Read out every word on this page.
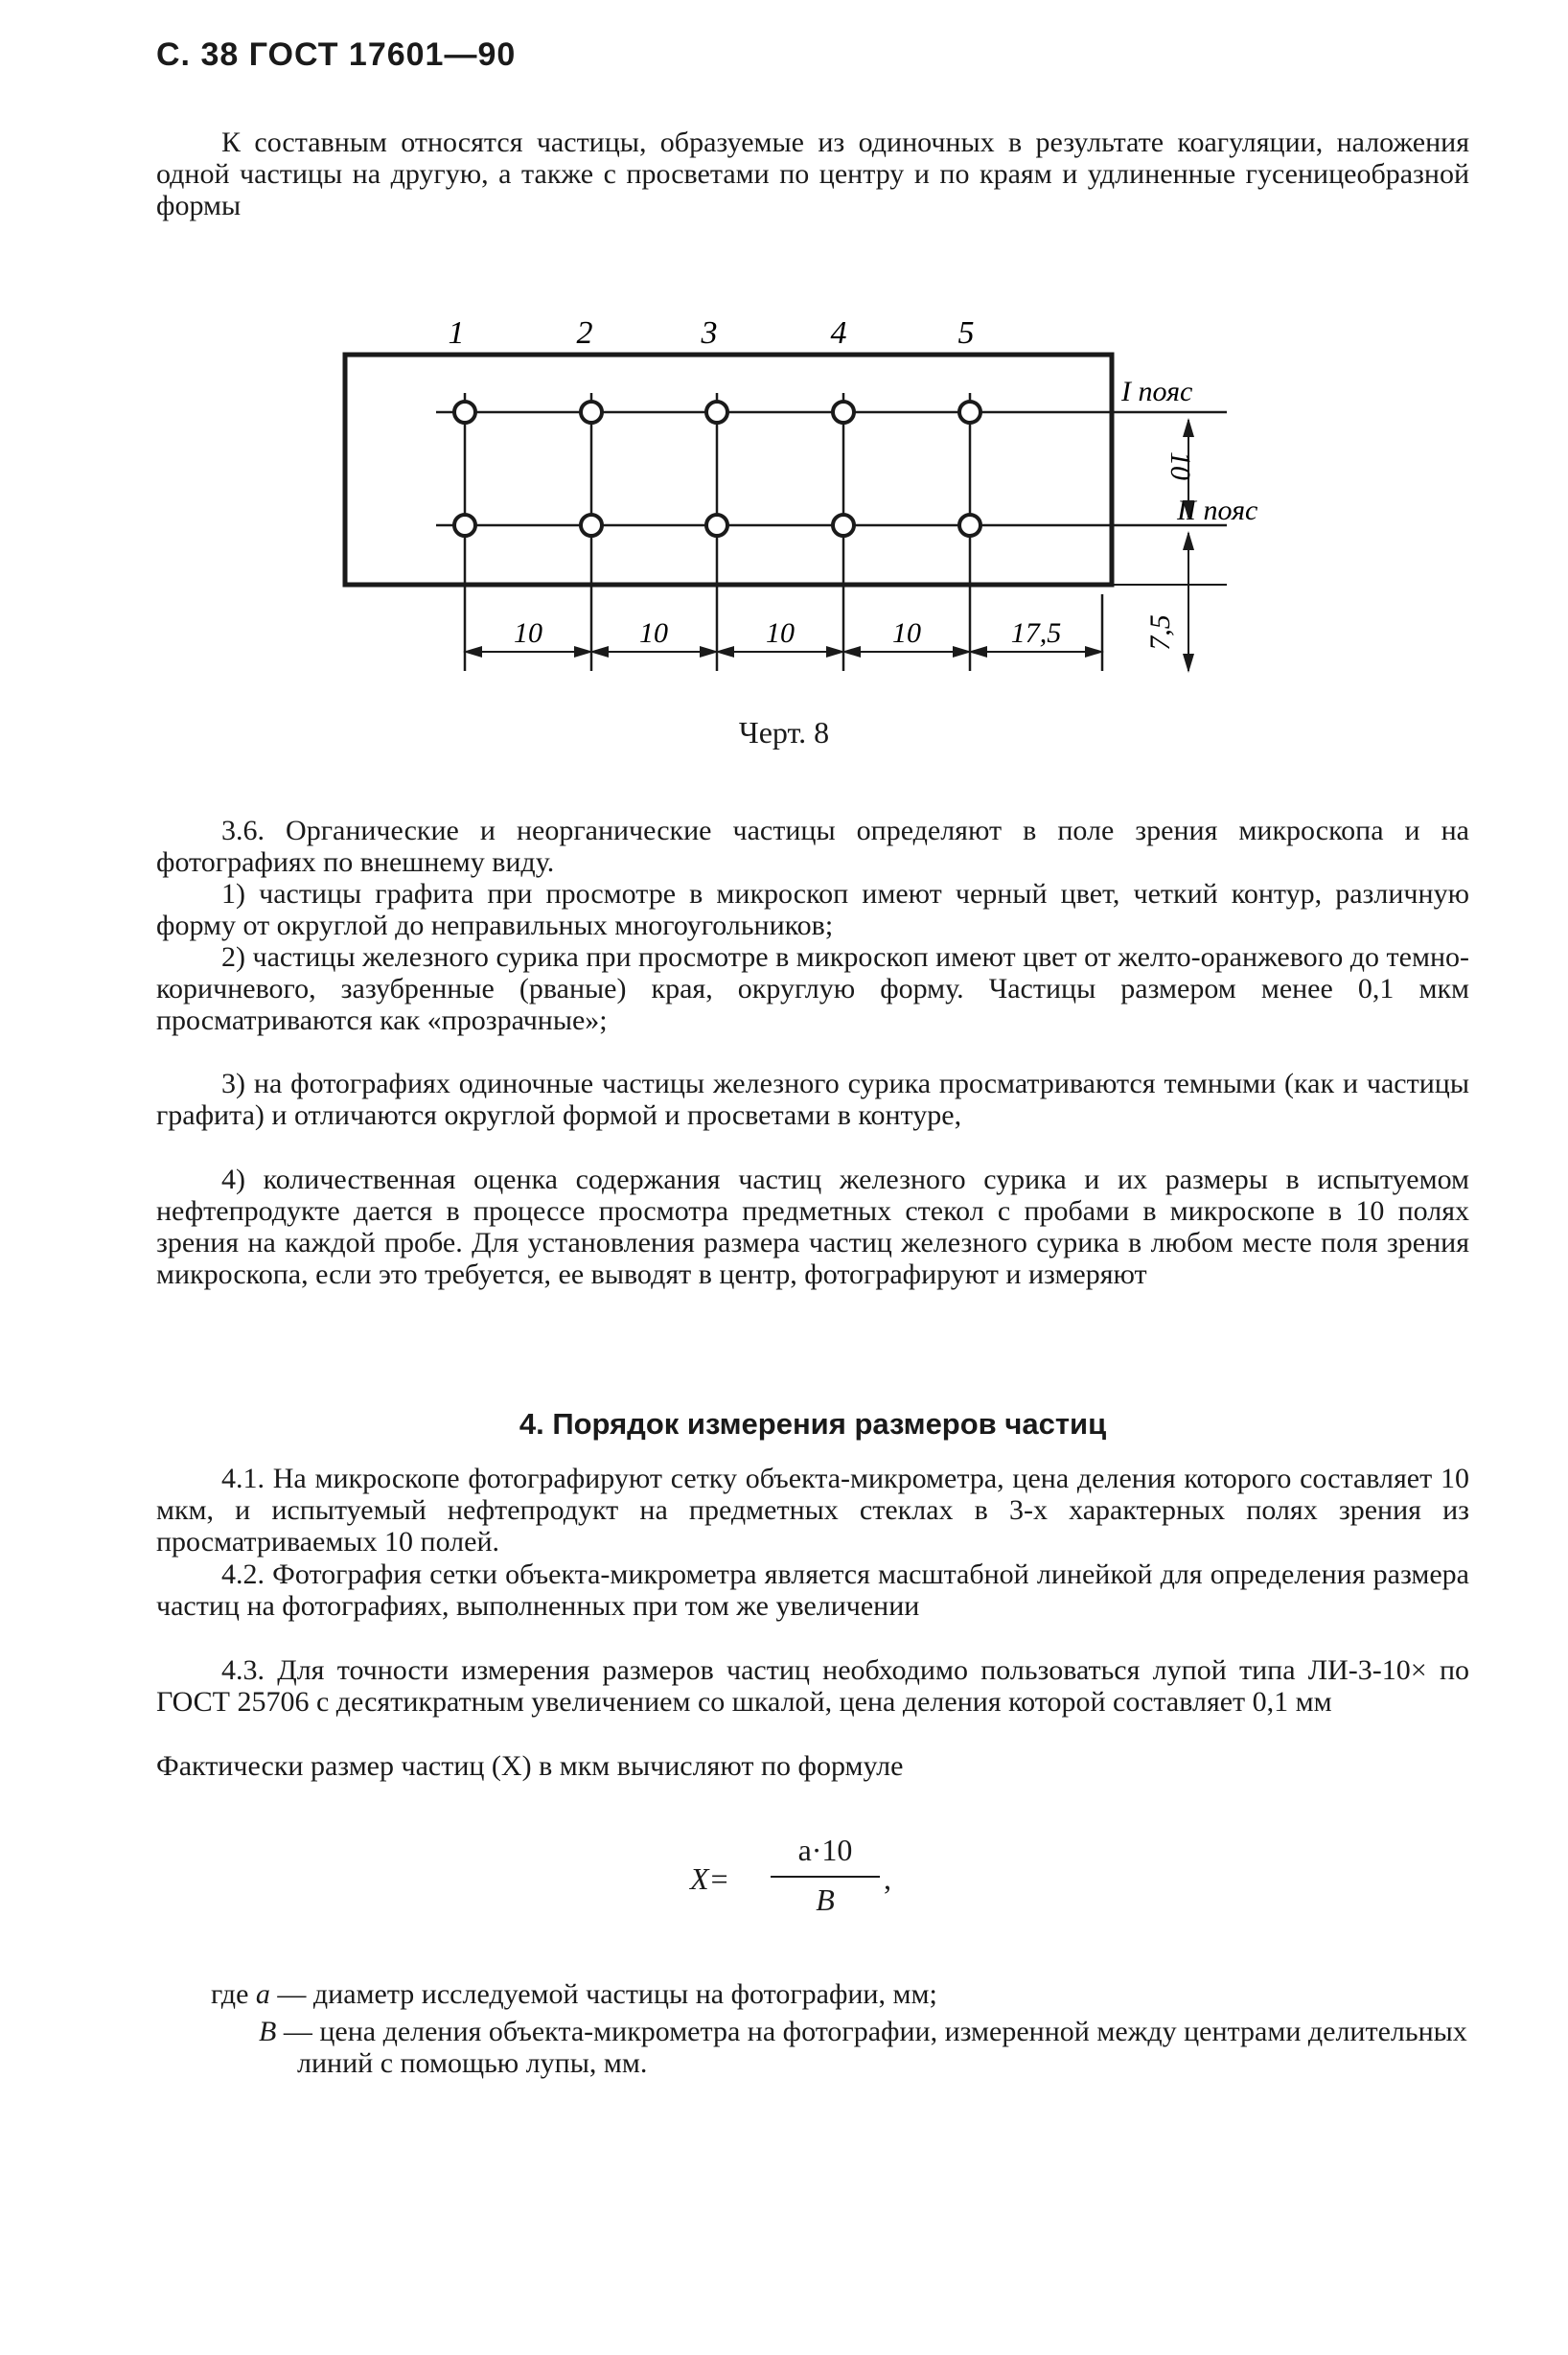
С. 38 ГОСТ 17601—90

К составным относятся частицы, образуемые из одиночных в результате коагуляции, наложения одной частицы на другую, а также с просветами по центру и по краям и удлиненные гусеницеобразной формы

1	2	3	4	5
I пояс
II пояс
10
7,5
10	10	10	10	17,5
Черт. 8

3.6. Органические и неорганические частицы определяют в поле зрения микроскопа и на фотографиях по внешнему виду.

1) частицы графита при просмотре в микроскоп имеют черный цвет, четкий контур, различную форму от округлой до неправильных многоугольников;

2) частицы железного сурика при просмотре в микроскоп имеют цвет от желто-оранжевого до темно-коричневого, зазубренные (рваные) края, округлую форму. Частицы размером менее 0,1 мкм просматриваются как «прозрачные»;

3) на фотографиях одиночные частицы железного сурика просматриваются темными (как и частицы графита) и отличаются округлой формой и просветами в контуре,

4) количественная оценка содержания частиц железного сурика и их размеры в испытуемом нефтепродукте дается в процессе просмотра предметных стекол с пробами в микроскопе в 10 полях зрения на каждой пробе. Для установления размера частиц железного сурика в любом месте поля зрения микроскопа, если это требуется, ее выводят в центр, фотографируют и измеряют

4. Порядок измерения размеров частиц

4.1. На микроскопе фотографируют сетку объекта-микрометра, цена деления которого составляет 10 мкм, и испытуемый нефтепродукт на предметных стеклах в 3-х характерных полях зрения из просматриваемых 10 полей.

4.2. Фотография сетки объекта-микрометра является масштабной линейкой для определения размера частиц на фотографиях, выполненных при том же увеличении

4.3. Для точности измерения размеров частиц необходимо пользоваться лупой типа ЛИ-3-10× по ГОСТ 25706 с десятикратным увеличением со шкалой, цена деления которой составляет 0,1 мм

Фактически размер частиц (X) в мкм вычисляют по формуле

X=
a·10
B
,
где a — диаметр исследуемой частицы на фотографии, мм;
B — цена деления объекта-микрометра на фотографии, измеренной между центрами делительных линий с помощью лупы, мм.
